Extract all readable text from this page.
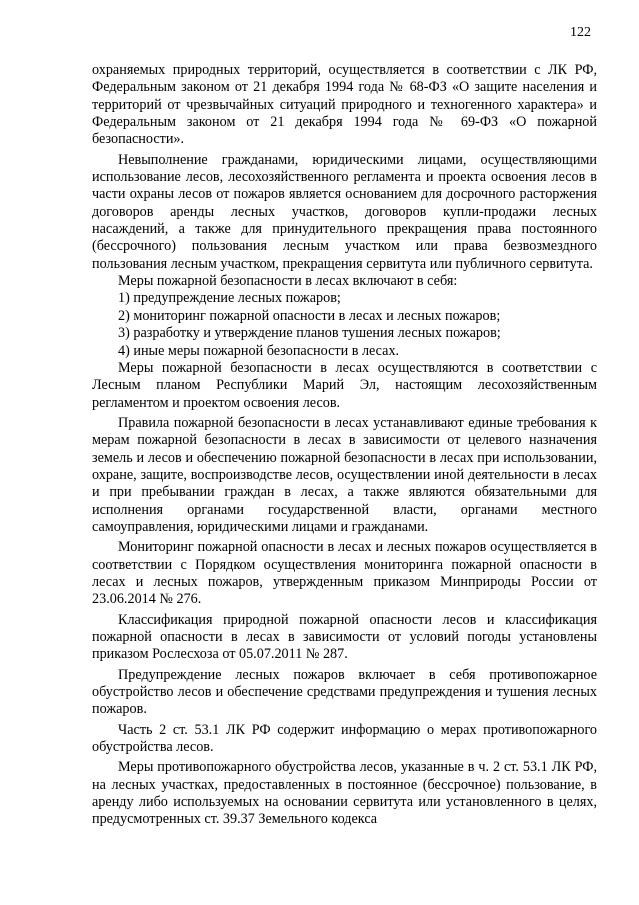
122

охраняемых природных территорий, осуществляется в соответствии с ЛК РФ, Федеральным законом от 21 декабря 1994 года № 68-ФЗ «О защите населения и территорий от чрезвычайных ситуаций природного и техногенного характера» и Федеральным законом от 21 декабря 1994 года № 69-ФЗ «О пожарной безопасности».

Невыполнение гражданами, юридическими лицами, осуществляющими использование лесов, лесохозяйственного регламента и проекта освоения лесов в части охраны лесов от пожаров является основанием для досрочного расторжения договоров аренды лесных участков, договоров купли-продажи лесных насаждений, а также для принудительного прекращения права постоянного (бессрочного) пользования лесным участком или права безвозмездного пользования лесным участком, прекращения сервитута или публичного сервитута.

Меры пожарной безопасности в лесах включают в себя:

1) предупреждение лесных пожаров;

2) мониторинг пожарной опасности в лесах и лесных пожаров;

3) разработку и утверждение планов тушения лесных пожаров;

4) иные меры пожарной безопасности в лесах.

Меры пожарной безопасности в лесах осуществляются в соответствии с Лесным планом Республики Марий Эл, настоящим лесохозяйственным регламентом и проектом освоения лесов.

Правила пожарной безопасности в лесах устанавливают единые требования к мерам пожарной безопасности в лесах в зависимости от целевого назначения земель и лесов и обеспечению пожарной безопасности в лесах при использовании, охране, защите, воспроизводстве лесов, осуществлении иной деятельности в лесах и при пребывании граждан в лесах, а также являются обязательными для исполнения органами государственной власти, органами местного самоуправления, юридическими лицами и гражданами.

Мониторинг пожарной опасности в лесах и лесных пожаров осуществляется в соответствии с Порядком осуществления мониторинга пожарной опасности в лесах и лесных пожаров, утвержденным приказом Минприроды России от 23.06.2014 № 276.

Классификация природной пожарной опасности лесов и классификация пожарной опасности в лесах в зависимости от условий погоды установлены приказом Рослесхоза от 05.07.2011 № 287.

Предупреждение лесных пожаров включает в себя противопожарное обустройство лесов и обеспечение средствами предупреждения и тушения лесных пожаров.

Часть 2 ст. 53.1 ЛК РФ содержит информацию о мерах противопожарного обустройства лесов.

Меры противопожарного обустройства лесов, указанные в ч. 2 ст. 53.1 ЛК РФ, на лесных участках, предоставленных в постоянное (бессрочное) пользование, в аренду либо используемых на основании сервитута или установленного в целях, предусмотренных ст. 39.37 Земельного кодекса
